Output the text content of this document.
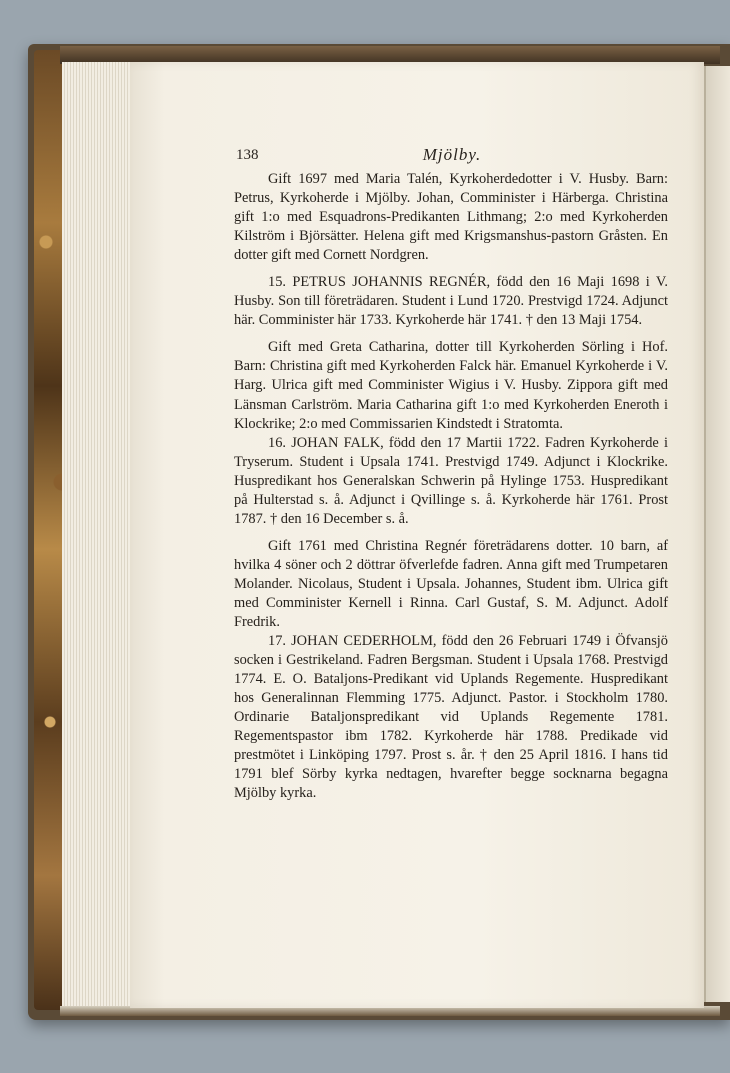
138	Mjölby.

Gift 1697 med Maria Talén, Kyrkoherdedotter i V. Husby. Barn: Petrus, Kyrkoherde i Mjölby. Johan, Comminister i Härberga. Christina gift 1:o med Esquadrons-Predikanten Lithmang; 2:o med Kyrkoherden Kilström i Björsätter. Helena gift med Krigsmanshus-pastorn Gråsten. En dotter gift med Cornett Nordgren.

15. PETRUS JOHANNIS REGNÉR, född den 16 Maji 1698 i V. Husby. Son till företrädaren. Student i Lund 1720. Prestvigd 1724. Adjunct här. Comminister här 1733. Kyrkoherde här 1741. † den 13 Maji 1754.

Gift med Greta Catharina, dotter till Kyrkoherden Sörling i Hof. Barn: Christina gift med Kyrkoherden Falck här. Emanuel Kyrkoherde i V. Harg. Ulrica gift med Comminister Wigius i V. Husby. Zippora gift med Länsman Carlström. Maria Catharina gift 1:o med Kyrkoherden Eneroth i Klockrike; 2:o med Commissarien Kindstedt i Stratomta.

16. JOHAN FALK, född den 17 Martii 1722. Fadren Kyrkoherde i Tryserum. Student i Upsala 1741. Prestvigd 1749. Adjunct i Klockrike. Huspredikant hos Generalskan Schwerin på Hylinge 1753. Huspredikant på Hulterstad s. å. Adjunct i Qvillinge s. å. Kyrkoherde här 1761. Prost 1787. † den 16 December s. å.

Gift 1761 med Christina Regnér företrädarens dotter. 10 barn, af hvilka 4 söner och 2 döttrar öfverlefde fadren. Anna gift med Trumpetaren Molander. Nicolaus, Student i Upsala. Johannes, Student ibm. Ulrica gift med Comminister Kernell i Rinna. Carl Gustaf, S. M. Adjunct. Adolf Fredrik.

17. JOHAN CEDERHOLM, född den 26 Februari 1749 i Öfvansjö socken i Gestrikeland. Fadren Bergsman. Student i Upsala 1768. Prestvigd 1774. E. O. Bataljons-Predikant vid Uplands Regemente. Huspredikant hos Generalinnan Flemming 1775. Adjunct. Pastor. i Stockholm 1780. Ordinarie Bataljonspredikant vid Uplands Regemente 1781. Regementspastor ibm 1782. Kyrkoherde här 1788. Predikade vid prestmötet i Linköping 1797. Prost s. år. † den 25 April 1816. I hans tid 1791 blef Sörby kyrka nedtagen, hvarefter begge socknarna begagna Mjölby kyrka.
